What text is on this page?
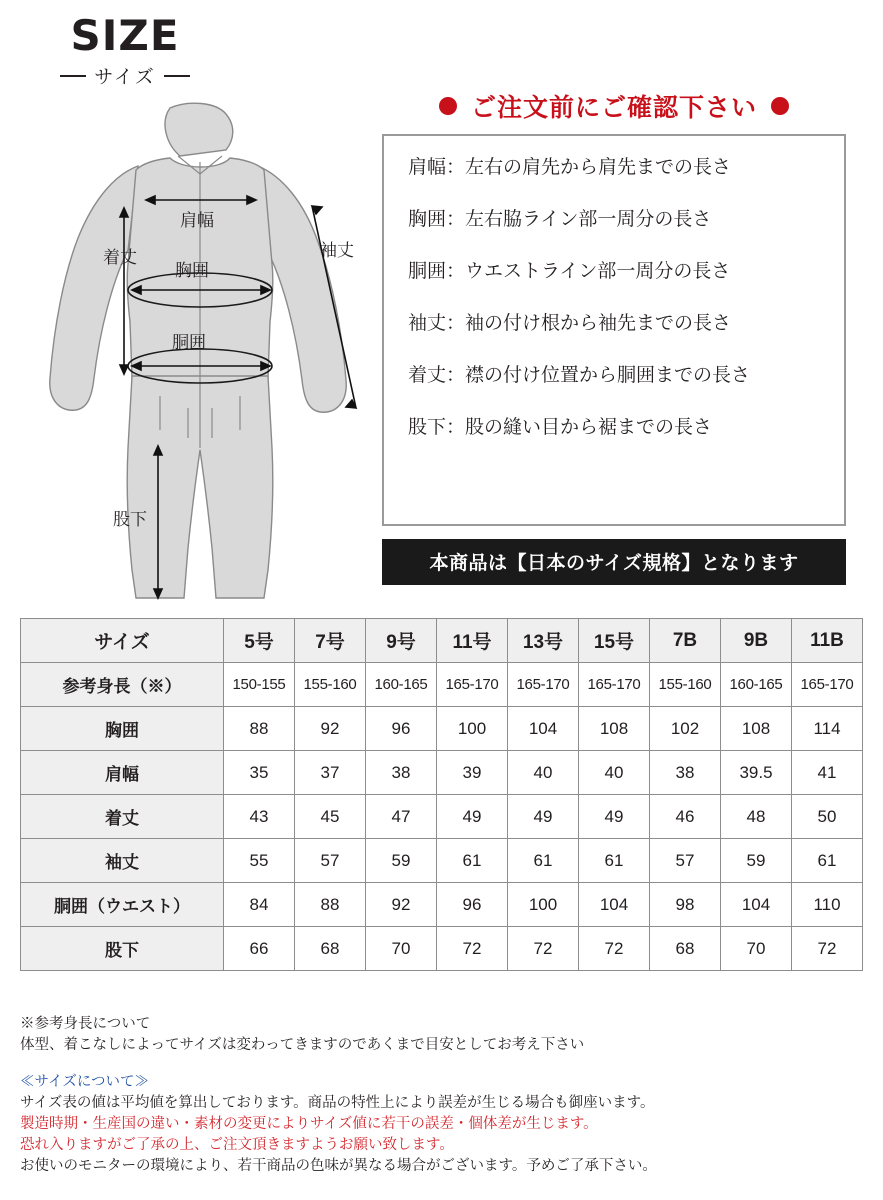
SIZE
サイズ
肩幅
胸囲
胴囲
袖丈
着丈
股下
ご注文前にご確認下さい
肩幅：左右の肩先から肩先までの長さ
胸囲：左右脇ライン部一周分の長さ
胴囲：ウエストライン部一周分の長さ
袖丈：袖の付け根から袖先までの長さ
着丈：襟の付け位置から胴囲までの長さ
股下：股の縫い目から裾までの長さ
本商品は【日本のサイズ規格】となります
サイズ	5号	7号	9号	11号	13号	15号	7B	9B	11B
参考身長（※）	150-155	155-160	160-165	165-170	165-170	165-170	155-160	160-165	165-170
胸囲	88	92	96	100	104	108	102	108	114
肩幅	35	37	38	39	40	40	38	39.5	41
着丈	43	45	47	49	49	49	46	48	50
袖丈	55	57	59	61	61	61	57	59	61
胴囲（ウエスト）	84	88	92	96	100	104	98	104	110
股下	66	68	70	72	72	72	68	70	72
※参考身長について
体型、着こなしによってサイズは変わってきますのであくまで目安としてお考え下さい
≪サイズについて≫
サイズ表の値は平均値を算出しております。商品の特性上により誤差が生じる場合も御座います。
製造時期・生産国の違い・素材の変更によりサイズ値に若干の誤差・個体差が生じます。
恐れ入りますがご了承の上、ご注文頂きますようお願い致します。
お使いのモニターの環境により、若干商品の色味が異なる場合がございます。予めご了承下さい。
